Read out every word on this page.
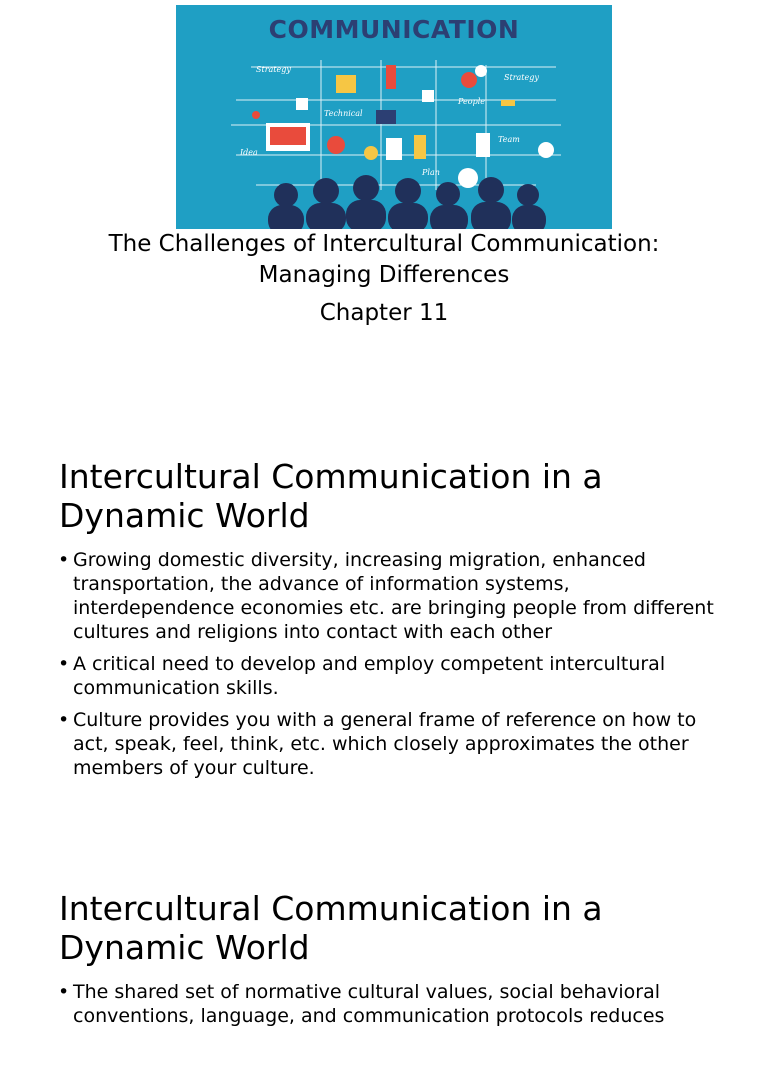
COMMUNICATION
Strategy
Strategy
Technical
People
Idea
Team
Plan
The Challenges of Intercultural Communication:
Managing Differences
Chapter 11
Intercultural Communication in a Dynamic World
• Growing domestic diversity, increasing migration, enhanced transportation, the advance of information systems, interdependence economies etc. are bringing people from different cultures and religions into contact with each other
• A critical need to develop and employ competent intercultural communication skills.
• Culture provides you with a general frame of reference on how to act, speak, feel, think, etc. which closely approximates the other members of your culture.
Intercultural Communication in a Dynamic World
• The shared set of normative cultural values, social behavioral conventions, language, and communication protocols reduces
